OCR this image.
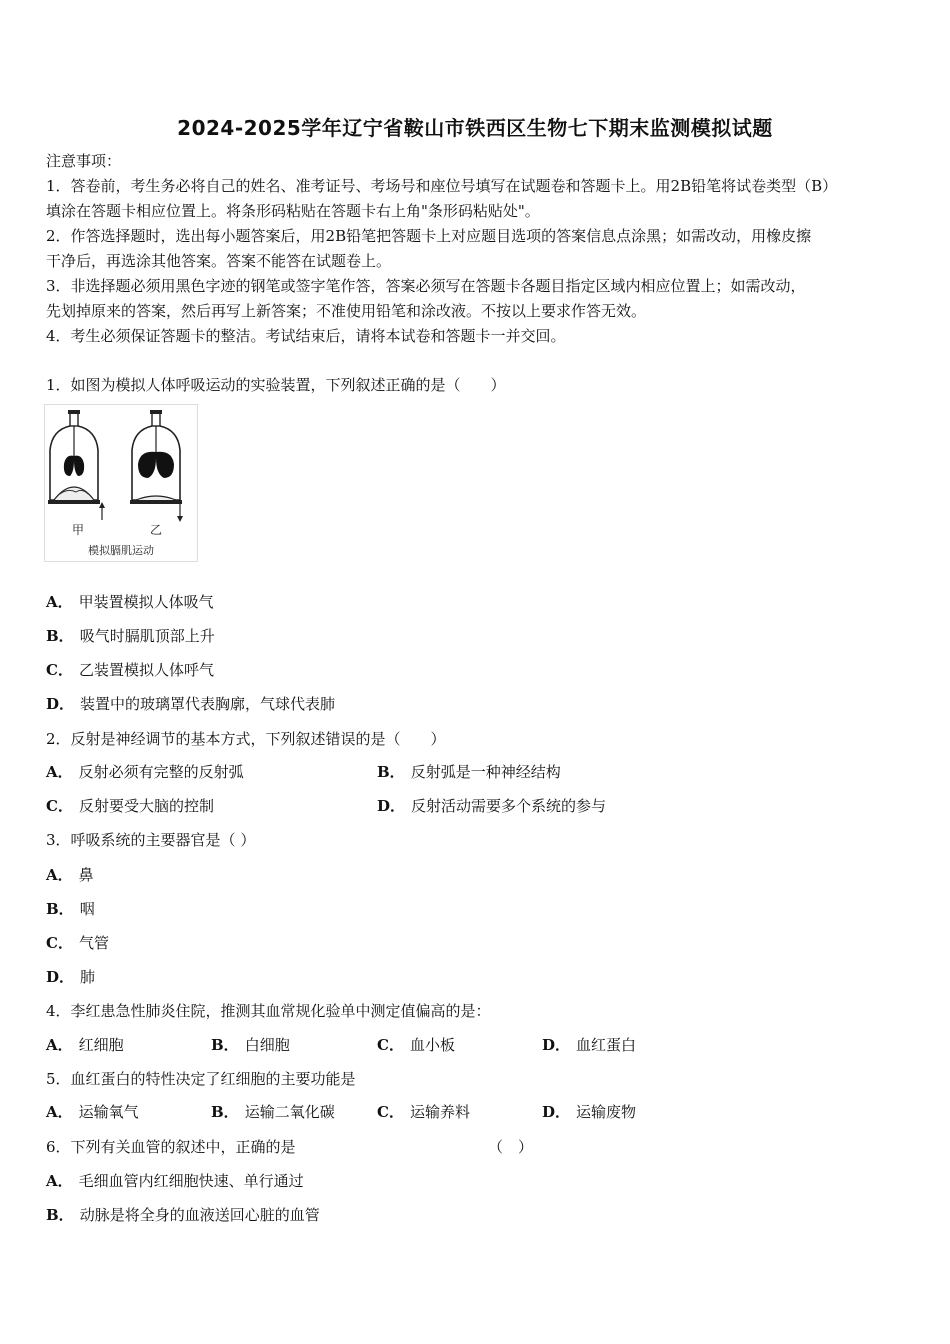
2024-2025学年辽宁省鞍山市铁西区生物七下期末监测模拟试题
注意事项：
1．答卷前，考生务必将自己的姓名、准考证号、考场号和座位号填写在试题卷和答题卡上。用2B铅笔将试卷类型（B）
填涂在答题卡相应位置上。将条形码粘贴在答题卡右上角"条形码粘贴处"。
2．作答选择题时，选出每小题答案后，用2B铅笔把答题卡上对应题目选项的答案信息点涂黑；如需改动，用橡皮擦
干净后，再选涂其他答案。答案不能答在试题卷上。
3．非选择题必须用黑色字迹的钢笔或签字笔作答，答案必须写在答题卡各题目指定区域内相应位置上；如需改动，
先划掉原来的答案，然后再写上新答案；不准使用铅笔和涂改液。不按以上要求作答无效。
4．考生必须保证答题卡的整洁。考试结束后，请将本试卷和答题卡一并交回。
1．如图为模拟人体呼吸运动的实验装置，下列叙述正确的是（　　）
甲	乙
模拟膈肌运动
A． 甲装置模拟人体吸气
B． 吸气时膈肌顶部上升
C． 乙装置模拟人体呼气
D． 装置中的玻璃罩代表胸廓，气球代表肺
2．反射是神经调节的基本方式，下列叙述错误的是（　　）
A． 反射必须有完整的反射弧	B． 反射弧是一种神经结构
C． 反射要受大脑的控制	D． 反射活动需要多个系统的参与
3．呼吸系统的主要器官是（ ）
A． 鼻
B． 咽
C． 气管
D． 肺
4．李红患急性肺炎住院，推测其血常规化验单中测定值偏高的是：
A． 红细胞	B． 白细胞	C． 血小板	D． 血红蛋白
5．血红蛋白的特性决定了红细胞的主要功能是
A． 运输氧气	B． 运输二氧化碳	C． 运输养料	D． 运输废物
6．下列有关血管的叙述中，正确的是	（　）
A． 毛细血管内红细胞快速、单行通过
B． 动脉是将全身的血液送回心脏的血管
